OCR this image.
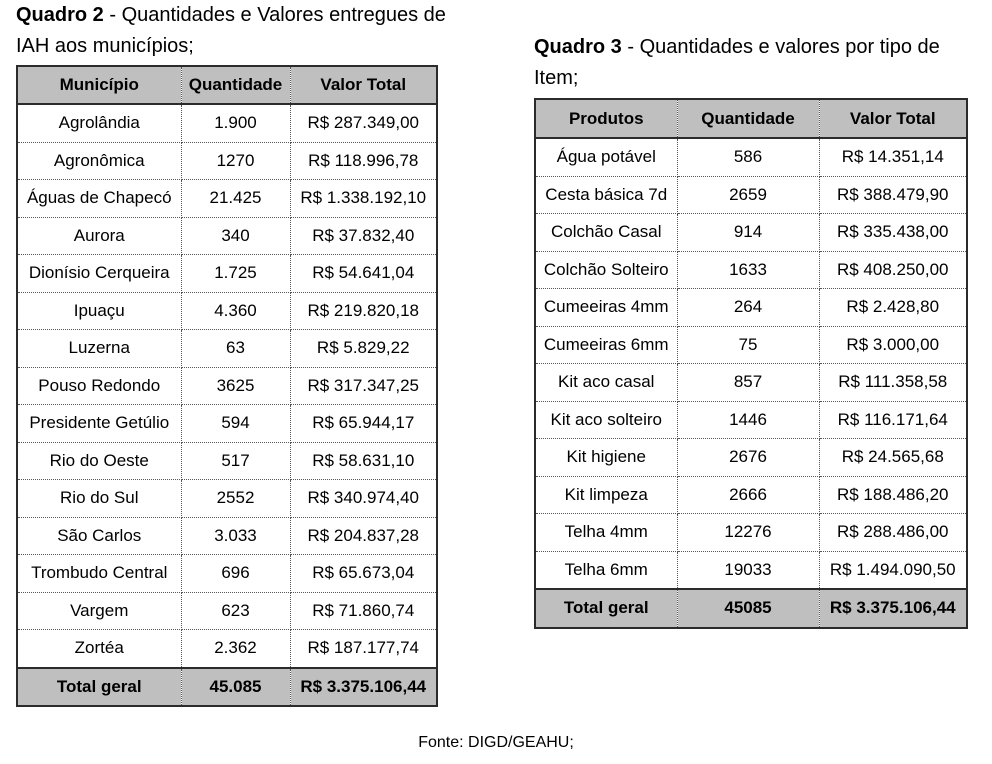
Quadro 2 - Quantidades e Valores entregues de IAH aos municípios;
Município	Quantidade	Valor Total
Agrolândia	1.900	R$ 287.349,00
Agronômica	1270	R$ 118.996,78
Águas de Chapecó	21.425	R$ 1.338.192,10
Aurora	340	R$ 37.832,40
Dionísio Cerqueira	1.725	R$ 54.641,04
Ipuaçu	4.360	R$ 219.820,18
Luzerna	63	R$ 5.829,22
Pouso Redondo	3625	R$ 317.347,25
Presidente Getúlio	594	R$ 65.944,17
Rio do Oeste	517	R$ 58.631,10
Rio do Sul	2552	R$ 340.974,40
São Carlos	3.033	R$ 204.837,28
Trombudo Central	696	R$ 65.673,04
Vargem	623	R$ 71.860,74
Zortéa	2.362	R$ 187.177,74
Total geral	45.085	R$ 3.375.106,44
Quadro 3 - Quantidades e valores por tipo de Item;
Produtos	Quantidade	Valor Total
Água potável	586	R$ 14.351,14
Cesta básica 7d	2659	R$ 388.479,90
Colchão Casal	914	R$ 335.438,00
Colchão Solteiro	1633	R$ 408.250,00
Cumeeiras 4mm	264	R$ 2.428,80
Cumeeiras 6mm	75	R$ 3.000,00
Kit aco casal	857	R$ 111.358,58
Kit aco solteiro	1446	R$ 116.171,64
Kit higiene	2676	R$ 24.565,68
Kit limpeza	2666	R$ 188.486,20
Telha 4mm	12276	R$ 288.486,00
Telha 6mm	19033	R$ 1.494.090,50
Total geral	45085	R$ 3.375.106,44
Fonte: DIGD/GEAHU;
